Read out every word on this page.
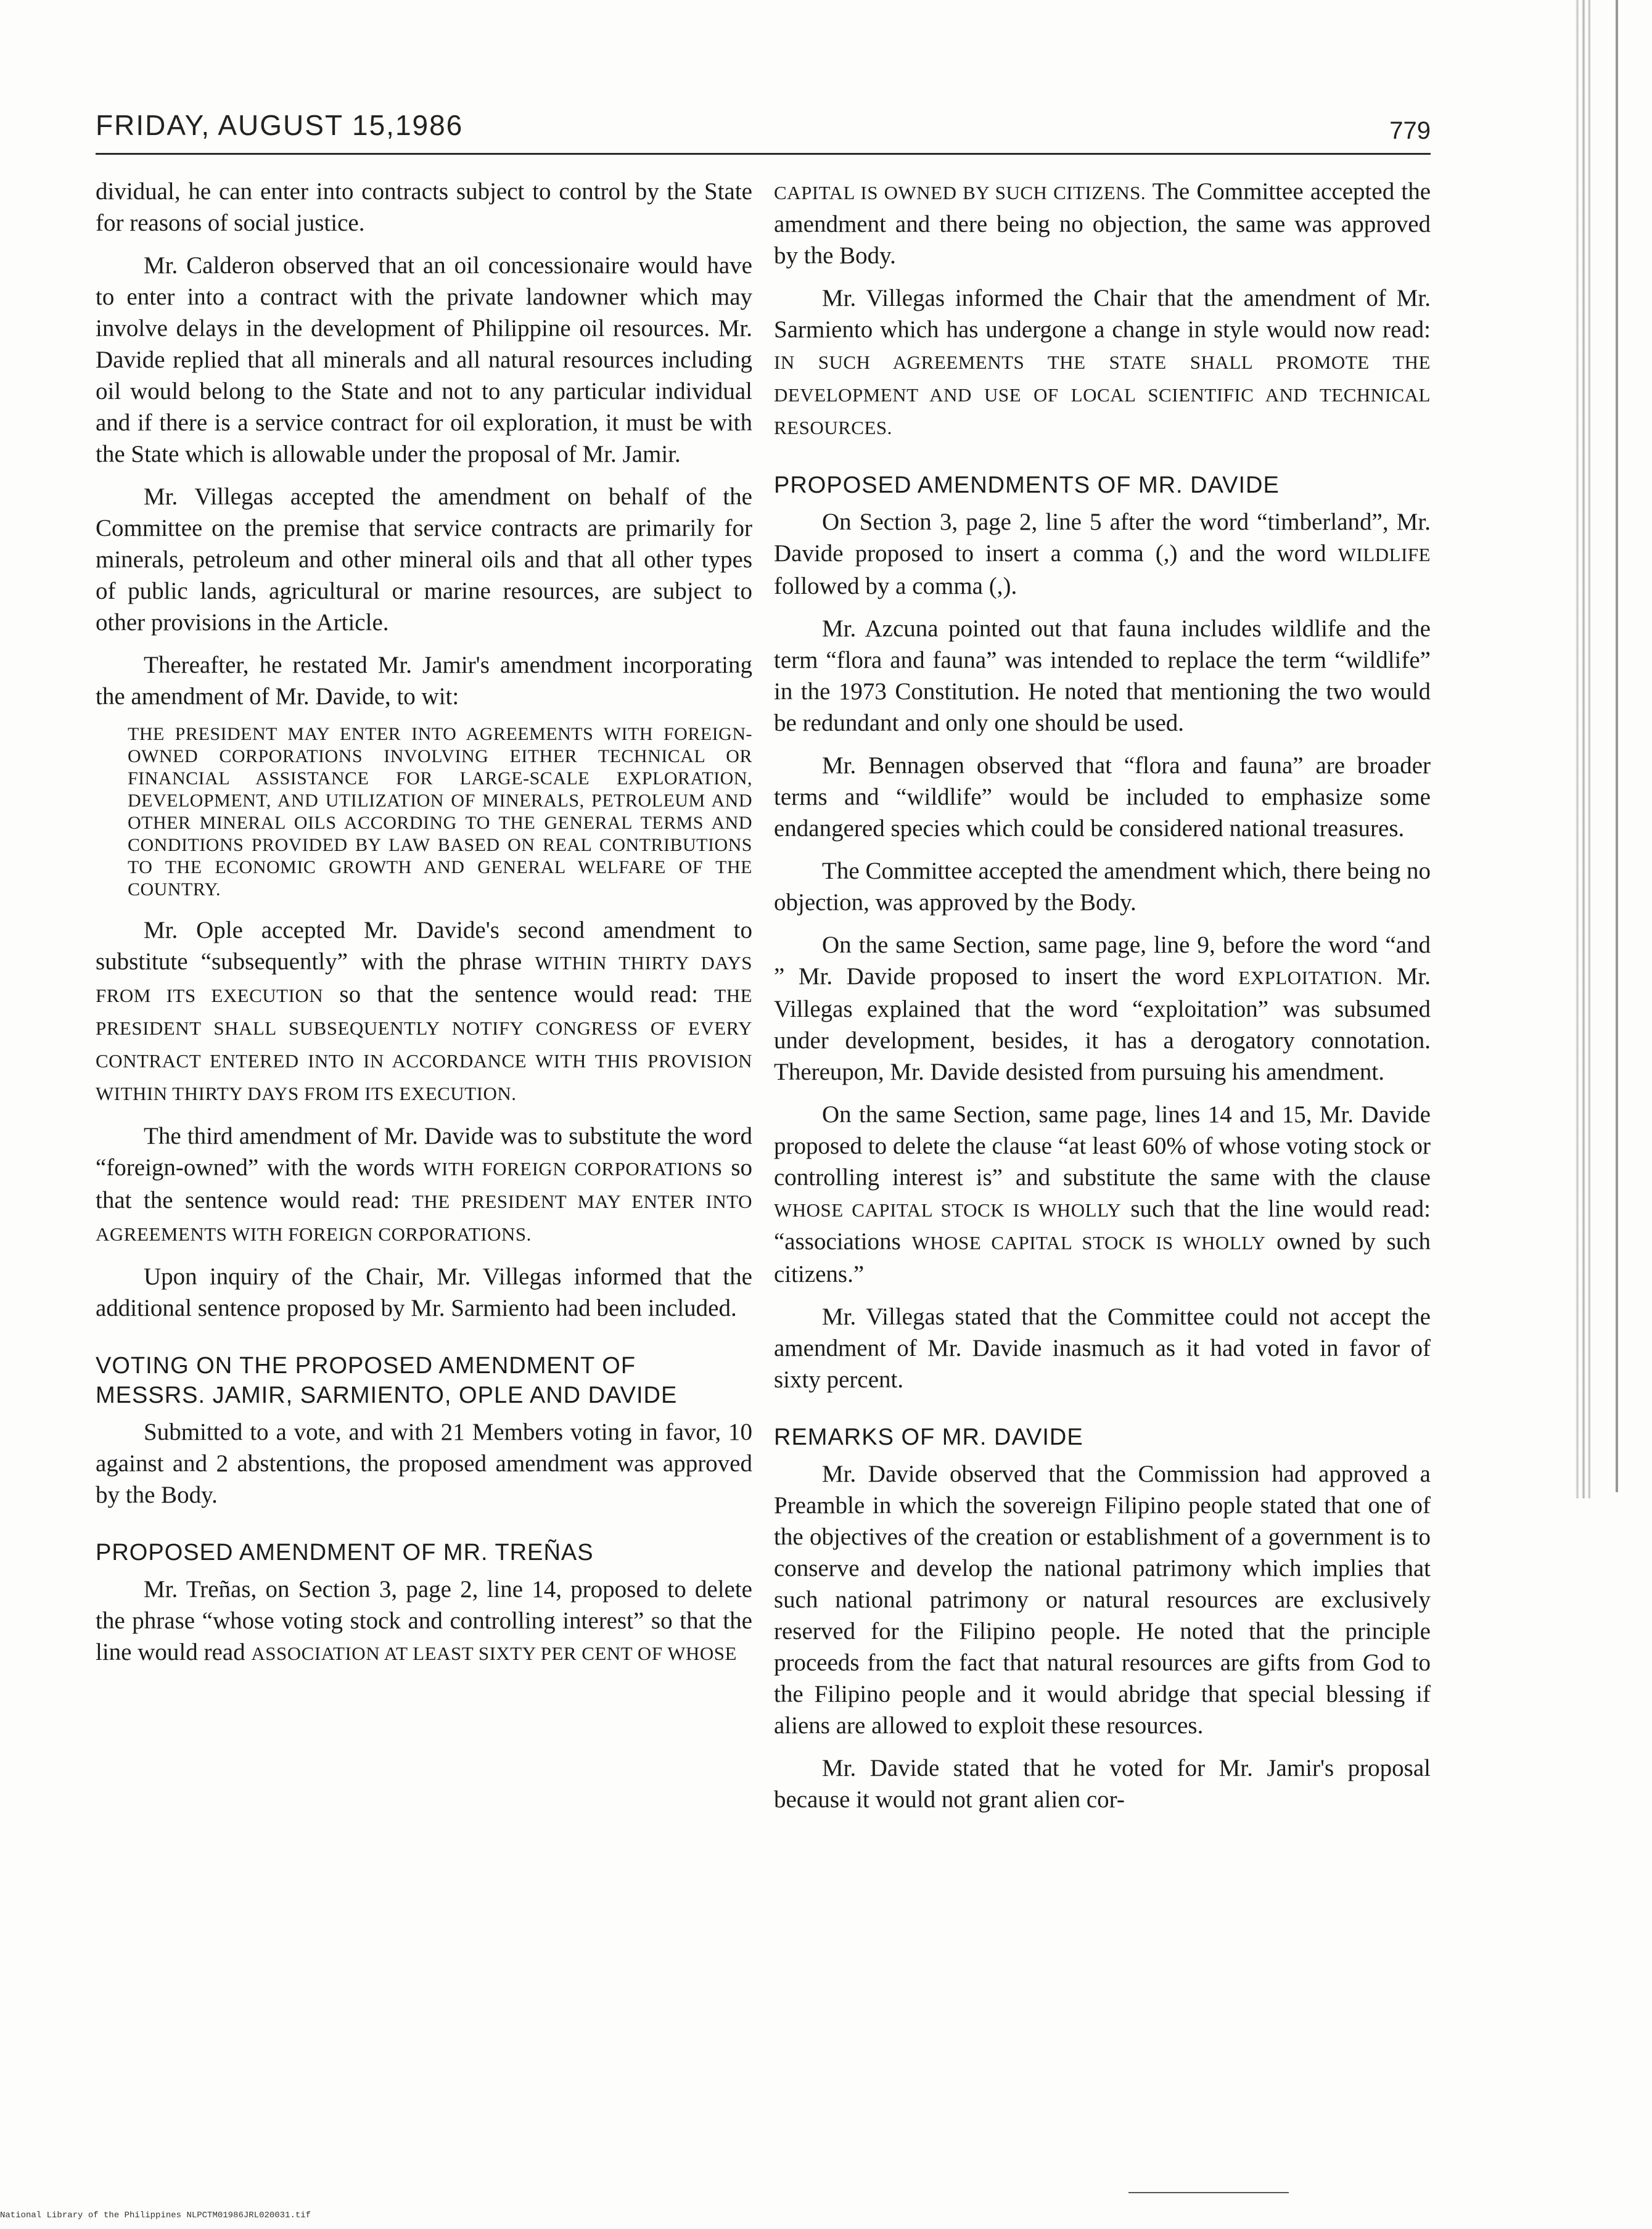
FRIDAY, AUGUST 15,1986	779

dividual, he can enter into contracts subject to control by the State for reasons of social justice.

Mr. Calderon observed that an oil concessionaire would have to enter into a contract with the private landowner which may involve delays in the development of Philippine oil resources. Mr. Davide replied that all minerals and all natural resources including oil would belong to the State and not to any particular individual and if there is a service contract for oil exploration, it must be with the State which is allowable under the proposal of Mr. Jamir.

Mr. Villegas accepted the amendment on behalf of the Committee on the premise that service contracts are primarily for minerals, petroleum and other mineral oils and that all other types of public lands, agricultural or marine resources, are subject to other provisions in the Article.

Thereafter, he restated Mr. Jamir's amendment incorporating the amendment of Mr. Davide, to wit:

THE PRESIDENT MAY ENTER INTO AGREEMENTS WITH FOREIGN-OWNED CORPORATIONS INVOLVING EITHER TECHNICAL OR FINANCIAL ASSISTANCE FOR LARGE-SCALE EXPLORATION, DEVELOPMENT, AND UTILIZATION OF MINERALS, PETROLEUM AND OTHER MINERAL OILS ACCORDING TO THE GENERAL TERMS AND CONDITIONS PROVIDED BY LAW BASED ON REAL CONTRIBUTIONS TO THE ECONOMIC GROWTH AND GENERAL WELFARE OF THE COUNTRY.

Mr. Ople accepted Mr. Davide's second amendment to substitute “subsequently” with the phrase WITHIN THIRTY DAYS FROM ITS EXECUTION so that the sentence would read: THE PRESIDENT SHALL SUBSEQUENTLY NOTIFY CONGRESS OF EVERY CONTRACT ENTERED INTO IN ACCORDANCE WITH THIS PROVISION WITHIN THIRTY DAYS FROM ITS EXECUTION.

The third amendment of Mr. Davide was to substitute the word “foreign-owned” with the words WITH FOREIGN CORPORATIONS so that the sentence would read: THE PRESIDENT MAY ENTER INTO AGREEMENTS WITH FOREIGN CORPORATIONS.

Upon inquiry of the Chair, Mr. Villegas informed that the additional sentence proposed by Mr. Sarmiento had been included.

VOTING ON THE PROPOSED AMENDMENT OF MESSRS. JAMIR, SARMIENTO, OPLE AND DAVIDE

Submitted to a vote, and with 21 Members voting in favor, 10 against and 2 abstentions, the proposed amendment was approved by the Body.

PROPOSED AMENDMENT OF MR. TREÑAS

Mr. Treñas, on Section 3, page 2, line 14, proposed to delete the phrase “whose voting stock and controlling interest” so that the line would read ASSOCIATION AT LEAST SIXTY PER CENT OF WHOSE

CAPITAL IS OWNED BY SUCH CITIZENS. The Committee accepted the amendment and there being no objection, the same was approved by the Body.

Mr. Villegas informed the Chair that the amendment of Mr. Sarmiento which has undergone a change in style would now read: IN SUCH AGREEMENTS THE STATE SHALL PROMOTE THE DEVELOPMENT AND USE OF LOCAL SCIENTIFIC AND TECHNICAL RESOURCES.

PROPOSED AMENDMENTS OF MR. DAVIDE

On Section 3, page 2, line 5 after the word “timberland”, Mr. Davide proposed to insert a comma (,) and the word WILDLIFE followed by a comma (,).

Mr. Azcuna pointed out that fauna includes wildlife and the term “flora and fauna” was intended to replace the term “wildlife” in the 1973 Constitution. He noted that mentioning the two would be redundant and only one should be used.

Mr. Bennagen observed that “flora and fauna” are broader terms and “wildlife” would be included to emphasize some endangered species which could be considered national treasures.

The Committee accepted the amendment which, there being no objection, was approved by the Body.

On the same Section, same page, line 9, before the word “and ” Mr. Davide proposed to insert the word EXPLOITATION. Mr. Villegas explained that the word “exploitation” was subsumed under development, besides, it has a derogatory connotation. Thereupon, Mr. Davide desisted from pursuing his amendment.

On the same Section, same page, lines 14 and 15, Mr. Davide proposed to delete the clause “at least 60% of whose voting stock or controlling interest is” and substitute the same with the clause WHOSE CAPITAL STOCK IS WHOLLY such that the line would read: “associations WHOSE CAPITAL STOCK IS WHOLLY owned by such citizens.”

Mr. Villegas stated that the Committee could not accept the amendment of Mr. Davide inasmuch as it had voted in favor of sixty percent.

REMARKS OF MR. DAVIDE

Mr. Davide observed that the Commission had approved a Preamble in which the sovereign Filipino people stated that one of the objectives of the creation or establishment of a government is to conserve and develop the national patrimony which implies that such national patrimony or natural resources are exclusively reserved for the Filipino people. He noted that the principle proceeds from the fact that natural resources are gifts from God to the Filipino people and it would abridge that special blessing if aliens are allowed to exploit these resources.

Mr. Davide stated that he voted for Mr. Jamir's proposal because it would not grant alien cor-

National Library of the Philippines NLPCTM01986JRL020031.tif
